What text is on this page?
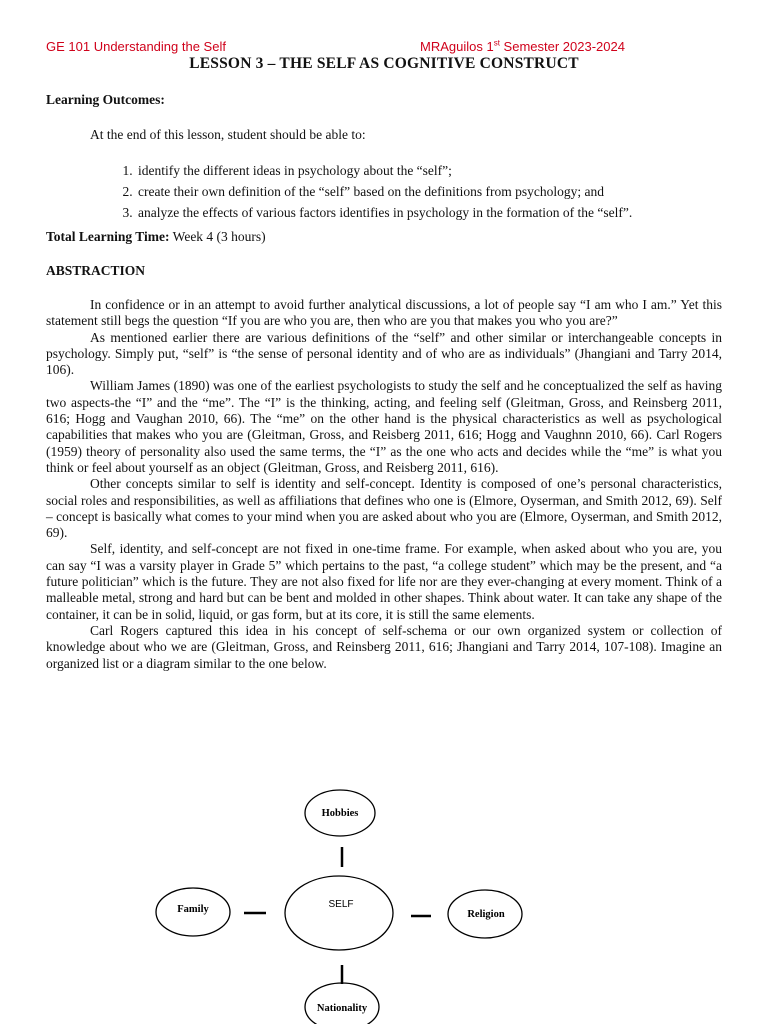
GE 101 Understanding the Self	MRAguilos 1st Semester 2023-2024
LESSON 3 – THE SELF AS COGNITIVE CONSTRUCT
Learning Outcomes:
At the end of this lesson, student should be able to:
1. identify the different ideas in psychology about the “self”;
2. create their own definition of the “self” based on the definitions from psychology; and
3. analyze the effects of various factors identifies in psychology in the formation of the “self”.
Total Learning Time: Week 4 (3 hours)
ABSTRACTION

In confidence or in an attempt to avoid further analytical discussions, a lot of people say “I am who I am.” Yet this statement still begs the question “If you are who you are, then who are you that makes you who you are?”

As mentioned earlier there are various definitions of the “self” and other similar or interchangeable concepts in psychology. Simply put, “self” is “the sense of personal identity and of who are as individuals” (Jhangiani and Tarry 2014, 106).

William James (1890) was one of the earliest psychologists to study the self and he conceptualized the self as having two aspects-the “I” and the “me”. The “I” is the thinking, acting, and feeling self (Gleitman, Gross, and Reinsberg 2011, 616; Hogg and Vaughan 2010, 66). The “me” on the other hand is the physical characteristics as well as psychological capabilities that makes who you are (Gleitman, Gross, and Reisberg 2011, 616; Hogg and Vaughnn 2010, 66). Carl Rogers (1959) theory of personality also used the same terms, the “I” as the one who acts and decides while the “me” is what you think or feel about yourself as an object (Gleitman, Gross, and Reisberg 2011, 616).

Other concepts similar to self is identity and self-concept. Identity is composed of one’s personal characteristics, social roles and responsibilities, as well as affiliations that defines who one is (Elmore, Oyserman, and Smith 2012, 69). Self – concept is basically what comes to your mind when you are asked about who you are (Elmore, Oyserman, and Smith 2012, 69).

Self, identity, and self-concept are not fixed in one-time frame. For example, when asked about who you are, you can say “I was a varsity player in Grade 5” which pertains to the past, “a college student” which may be the present, and “a future politician” which is the future. They are not also fixed for life nor are they ever-changing at every moment. Think of a malleable metal, strong and hard but can be bent and molded in other shapes. Think about water. It can take any shape of the container, it can be in solid, liquid, or gas form, but at its core, it is still the same elements.

Carl Rogers captured this idea in his concept of self-schema or our own organized system or collection of knowledge about who we are (Gleitman, Gross, and Reinsberg 2011, 616; Jhangiani and Tarry 2014, 107-108). Imagine an organized list or a diagram similar to the one below.

Hobbies
Family	SELF
Religion
Nationality
